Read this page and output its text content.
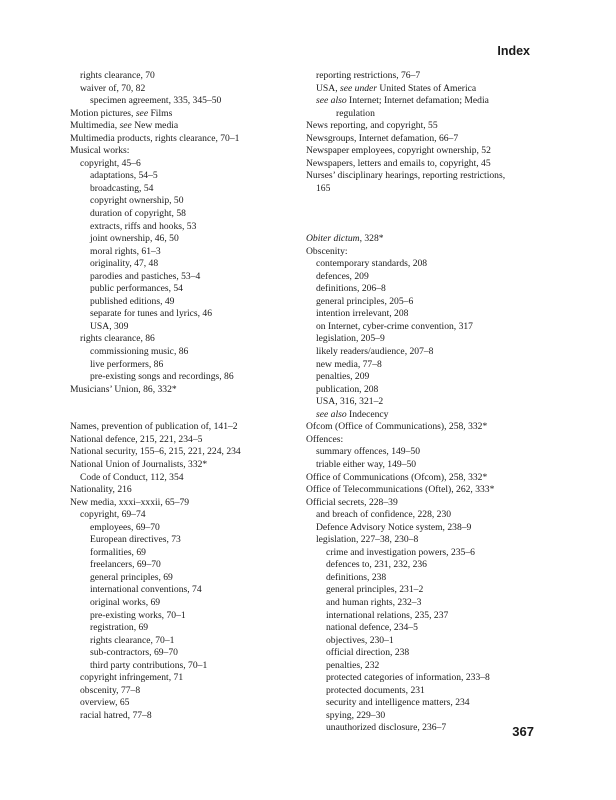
Index
rights clearance, 70
waiver of, 70, 82
specimen agreement, 335, 345–50
Motion pictures, see Films
Multimedia, see New media
Multimedia products, rights clearance, 70–1
Musical works:
copyright, 45–6
adaptations, 54–5
broadcasting, 54
copyright ownership, 50
duration of copyright, 58
extracts, riffs and hooks, 53
joint ownership, 46, 50
moral rights, 61–3
originality, 47, 48
parodies and pastiches, 53–4
public performances, 54
published editions, 49
separate for tunes and lyrics, 46
USA, 309
rights clearance, 86
commissioning music, 86
live performers, 86
pre-existing songs and recordings, 86
Musicians’ Union, 86, 332*
Names, prevention of publication of, 141–2
National defence, 215, 221, 234–5
National security, 155–6, 215, 221, 224, 234
National Union of Journalists, 332*
Code of Conduct, 112, 354
Nationality, 216
New media, xxxi–xxxii, 65–79
copyright, 69–74
employees, 69–70
European directives, 73
formalities, 69
freelancers, 69–70
general principles, 69
international conventions, 74
original works, 69
pre-existing works, 70–1
registration, 69
rights clearance, 70–1
sub-contractors, 69–70
third party contributions, 70–1
copyright infringement, 71
obscenity, 77–8
overview, 65
racial hatred, 77–8
reporting restrictions, 76–7
USA, see under United States of America
see also Internet; Internet defamation; Media
regulation
News reporting, and copyright, 55
Newsgroups, Internet defamation, 66–7
Newspaper employees, copyright ownership, 52
Newspapers, letters and emails to, copyright, 45
Nurses’ disciplinary hearings, reporting restrictions,
165
Obiter dictum, 328*
Obscenity:
contemporary standards, 208
defences, 209
definitions, 206–8
general principles, 205–6
intention irrelevant, 208
on Internet, cyber-crime convention, 317
legislation, 205–9
likely readers/audience, 207–8
new media, 77–8
penalties, 209
publication, 208
USA, 316, 321–2
see also Indecency
Ofcom (Office of Communications), 258, 332*
Offences:
summary offences, 149–50
triable either way, 149–50
Office of Communications (Ofcom), 258, 332*
Office of Telecommunications (Oftel), 262, 333*
Official secrets, 228–39
and breach of confidence, 228, 230
Defence Advisory Notice system, 238–9
legislation, 227–38, 230–8
crime and investigation powers, 235–6
defences to, 231, 232, 236
definitions, 238
general principles, 231–2
and human rights, 232–3
international relations, 235, 237
national defence, 234–5
objectives, 230–1
official direction, 238
penalties, 232
protected categories of information, 233–8
protected documents, 231
security and intelligence matters, 234
spying, 229–30
unauthorized disclosure, 236–7	367
